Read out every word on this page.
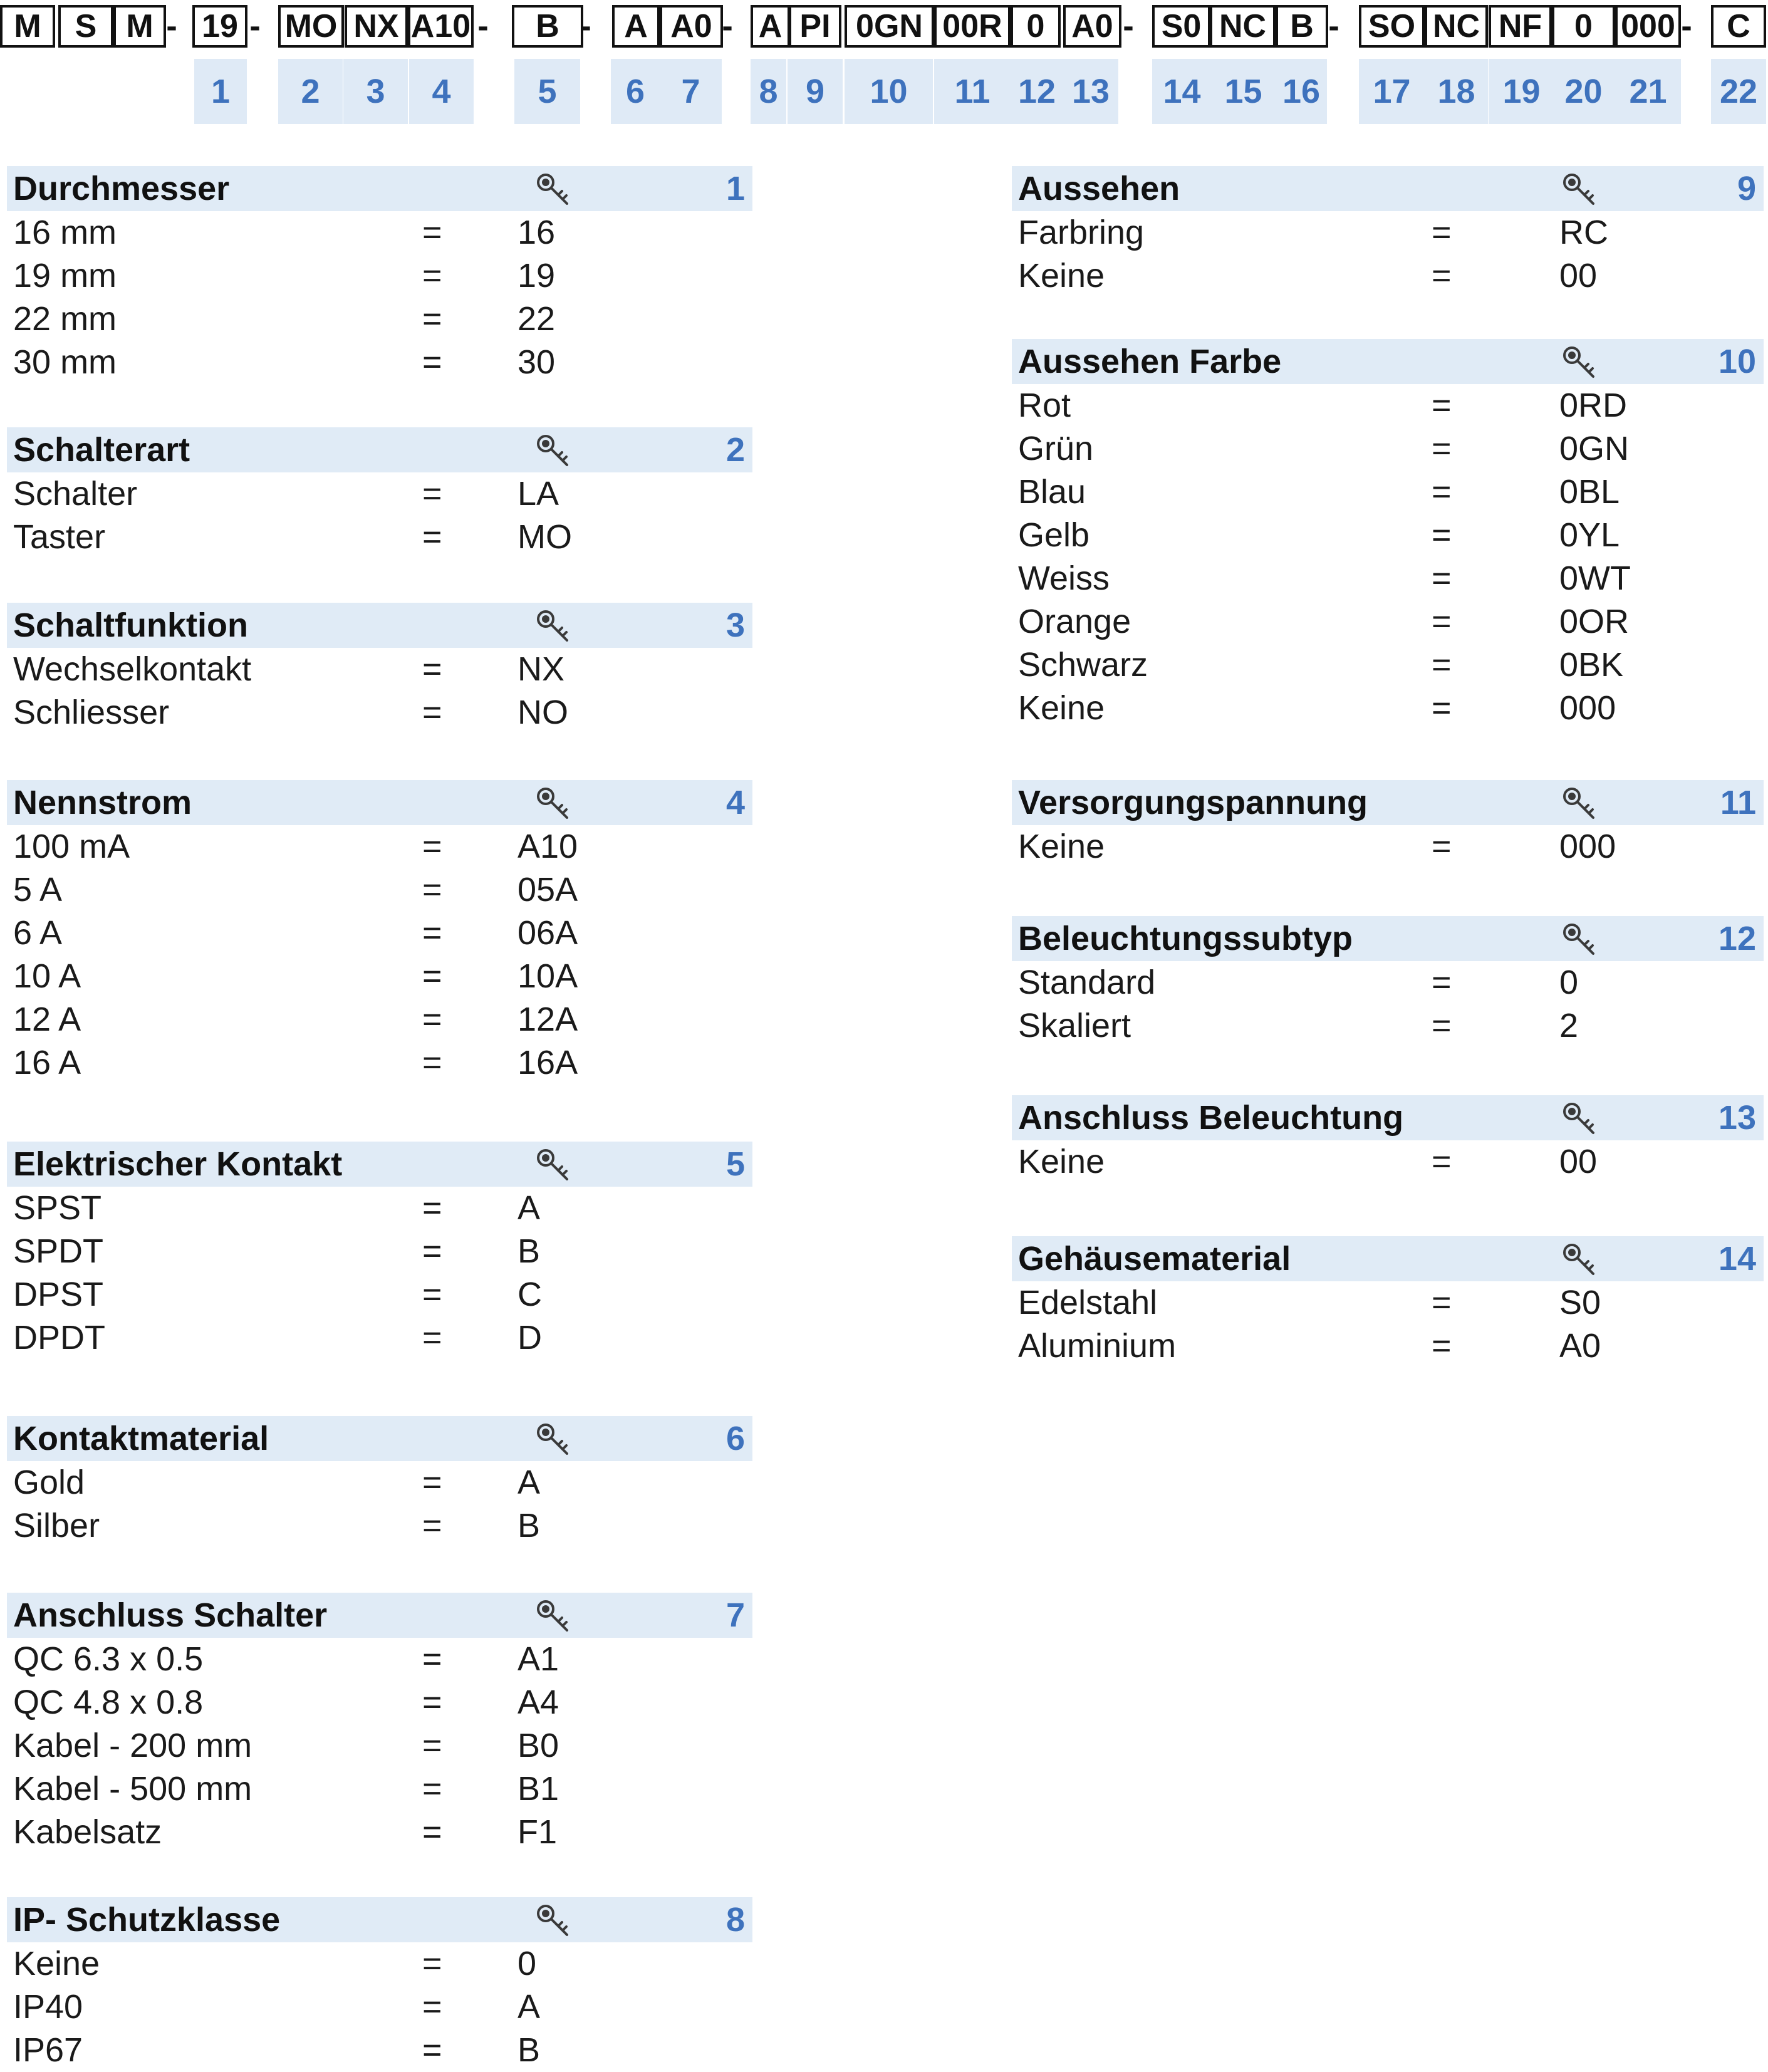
M	S M	19 MO NX A10	B	A A0	A PI 0GN 00R 0 A0 S0 NC B	SO NC NF 0 000	C
- -	-	-	-	-	-	-
1	2	3	4	5	6	7	8 9	10	11 12 13	14 15 16	17 18 19 20 21	22
Durchmesser	1
16 mm	= 16
19 mm	= 19
22 mm	= 22
30 mm	= 30
Schalterart	2
Schalter	= LA
Taster	= MO
Schaltfunktion	3
Wechselkontakt	= NX
Schliesser	= NO
Nennstrom	4
100 mA	= A10
5 A	= 05A
6 A	= 06A
10 A	= 10A
12 A	= 12A
16 A	= 16A
Elektrischer Kontakt	5
SPST	= A
SPDT	= B
DPST	= C
DPDT	= D
Kontaktmaterial	6
Gold	= A
Silber	= B
Anschluss Schalter	7
QC 6.3 x 0.5	= A1
QC 4.8 x 0.8	= A4
Kabel - 200 mm	= B0
Kabel - 500 mm	= B1
Kabelsatz	= F1
IP- Schutzklasse	8
Keine	= 0
IP40	= A
IP67	= B
Aussehen	9
Farbring	=	RC
Keine	=	00
Aussehen Farbe	10
Rot	=	0RD
Grün	=	0GN
Blau	=	0BL
Gelb	=	0YL
Weiss	=	0WT
Orange	=	0OR
Schwarz	=	0BK
Keine	=	000
Versorgungspannung	11
Keine	=	000
Beleuchtungssubtyp	12
Standard	=	0
Skaliert	=	2
Anschluss Beleuchtung	13
Keine	=	00
Gehäusematerial	14
Edelstahl	=	S0
Aluminium	=	A0
